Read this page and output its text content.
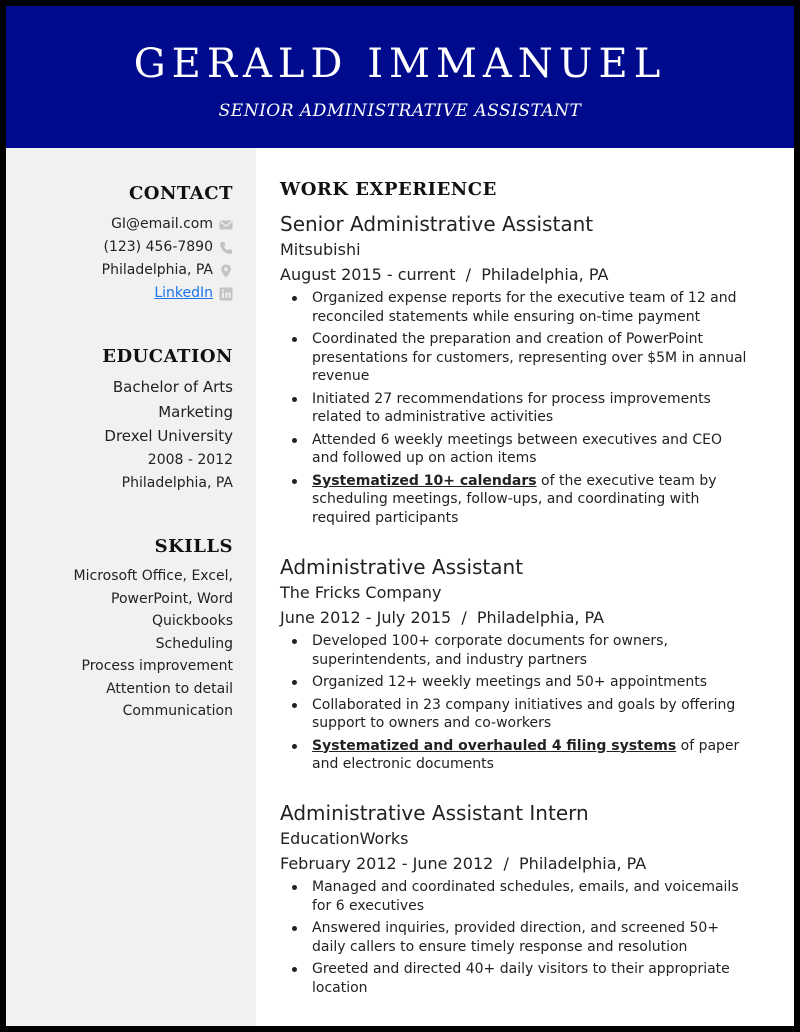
GERALD IMMANUEL
SENIOR ADMINISTRATIVE ASSISTANT
CONTACT
GI@email.com
(123) 456-7890
Philadelphia, PA
LinkedIn
EDUCATION
Bachelor of Arts
Marketing
Drexel University
2008 - 2012
Philadelphia, PA
SKILLS
Microsoft Office, Excel,
PowerPoint, Word
Quickbooks
Scheduling
Process improvement
Attention to detail
Communication
WORK EXPERIENCE
Senior Administrative Assistant
Mitsubishi
August 2015 - current  /  Philadelphia, PA
Organized expense reports for the executive team of 12 and reconciled statements while ensuring on-time payment
Coordinated the preparation and creation of PowerPoint presentations for customers, representing over $5M in annual revenue
Initiated 27 recommendations for process improvements related to administrative activities
Attended 6 weekly meetings between executives and CEO and followed up on action items
Systematized 10+ calendars of the executive team by scheduling meetings, follow-ups, and coordinating with required participants
Administrative Assistant
The Fricks Company
June 2012 - July 2015  /  Philadelphia, PA
Developed 100+ corporate documents for owners, superintendents, and industry partners
Organized 12+ weekly meetings and 50+ appointments
Collaborated in 23 company initiatives and goals by offering support to owners and co-workers
Systematized and overhauled 4 filing systems of paper and electronic documents
Administrative Assistant Intern
EducationWorks
February 2012 - June 2012  /  Philadelphia, PA
Managed and coordinated schedules, emails, and voicemails for 6 executives
Answered inquiries, provided direction, and screened 50+ daily callers to ensure timely response and resolution
Greeted and directed 40+ daily visitors to their appropriate location
